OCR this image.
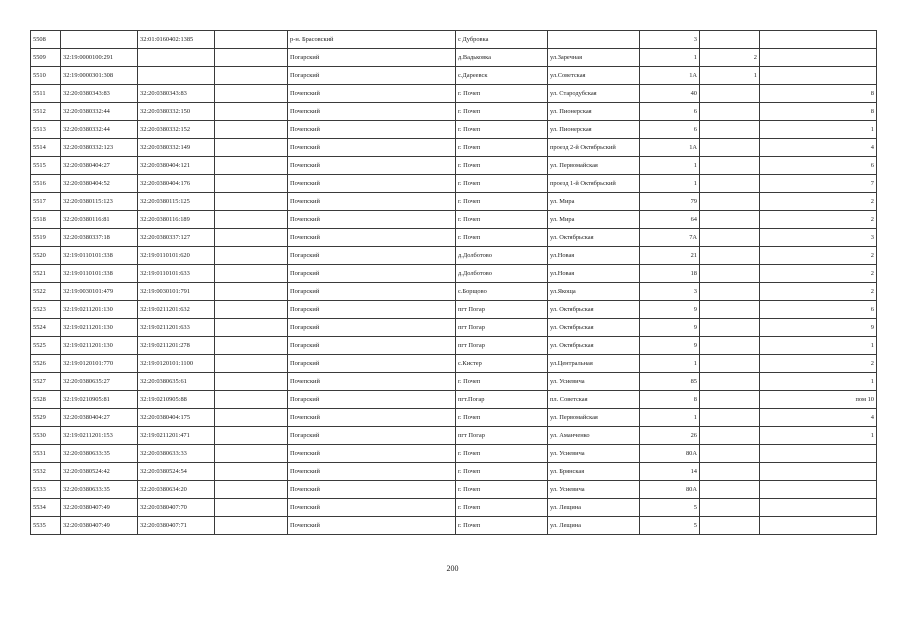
5508		32:01:0160402:1385		р-н. Брасовский	с Дубровка		3		
5509	32:19:0000100:291			Погарский	д.Вадьковка	ул.Заречная	1	2	
5510	32:19:0000301:308			Погарский	с.Дареевск	ул.Советская	1А	1	
5511	32:20:0380343:83	32:20:0380343:83		Почепский	г. Почеп	ул. Стародубская	40		8
5512	32:20:0380332:44	32:20:0380332:150		Почепский	г. Почеп	ул. Пионерская	6		8
5513	32:20:0380332:44	32:20:0380332:152		Почепский	г. Почеп	ул. Пионерская	6		1
5514	32:20:0380332:123	32:20:0380332:149		Почепский	г. Почеп	проезд 2-й Октябрьский	1А		4
5515	32:20:0380404:27	32:20:0380404:121		Почепский	г. Почеп	ул. Первомайская	1		6
5516	32:20:0380404:52	32:20:0380404:176		Почепский	г. Почеп	проезд 1-й Октябрьский	1		7
5517	32:20:0380115:123	32:20:0380115:125		Почепский	г. Почеп	ул. Мира	79		2
5518	32:20:0380116:81	32:20:0380116:189		Почепский	г. Почеп	ул. Мира	64		2
5519	32:20:0380337:18	32:20:0380337:127		Почепский	г. Почеп	ул. Октябрьская	7А		3
5520	32:19:0110101:338	32:19:0110101:620		Погарский	д.Долботово	ул.Новая	21		2
5521	32:19:0110101:338	32:19:0110101:633		Погарский	д.Долботово	ул.Новая	18		2
5522	32:19:0030101:479	32:19:0030101:791		Погарский	с.Борщово	ул.Якоща	3		2
5523	32:19:0211201:130	32:19:0211201:632		Погарский	пгт Погар	ул. Октябрьская	9		6
5524	32:19:0211201:130	32:19:0211201:633		Погарский	пгт Погар	ул. Октябрьская	9		9
5525	32:19:0211201:130	32:19:0211201:278		Погарский	пгт Погар	ул. Октябрьская	9		1
5526	32:19:0120101:770	32:19:0120101:1100		Погарский	с.Кистер	ул.Центральная	1		2
5527	32:20:0380635:27	32:20:0380635:61		Почепский	г. Почеп	ул. Усиевича	85		1
5528	32:19:0210905:81	32:19:0210905:88		Погарский	пгт.Погар	пл. Советская	8		пом 10
5529	32:20:0380404:27	32:20:0380404:175		Почепский	г. Почеп	ул. Первомайская	1		4
5530	32:19:0211201:153	32:19:0211201:471		Погарский	пгт Погар	ул. Аманченко	26		1
5531	32:20:0380633:35	32:20:0380633:33		Почепский	г. Почеп	ул. Усиевича	80А		
5532	32:20:0380524:42	32:20:0380524:54		Почепский	г. Почеп	ул. Брянская	14		
5533	32:20:0380633:35	32:20:0380634:20		Почепский	г. Почеп	ул. Усиевича	80А		
5534	32:20:0380407:49	32:20:0380407:70		Почепский	г. Почеп	ул. Лещина	5		
5535	32:20:0380407:49	32:20:0380407:71		Почепский	г. Почеп	ул. Лещина	5		
200
